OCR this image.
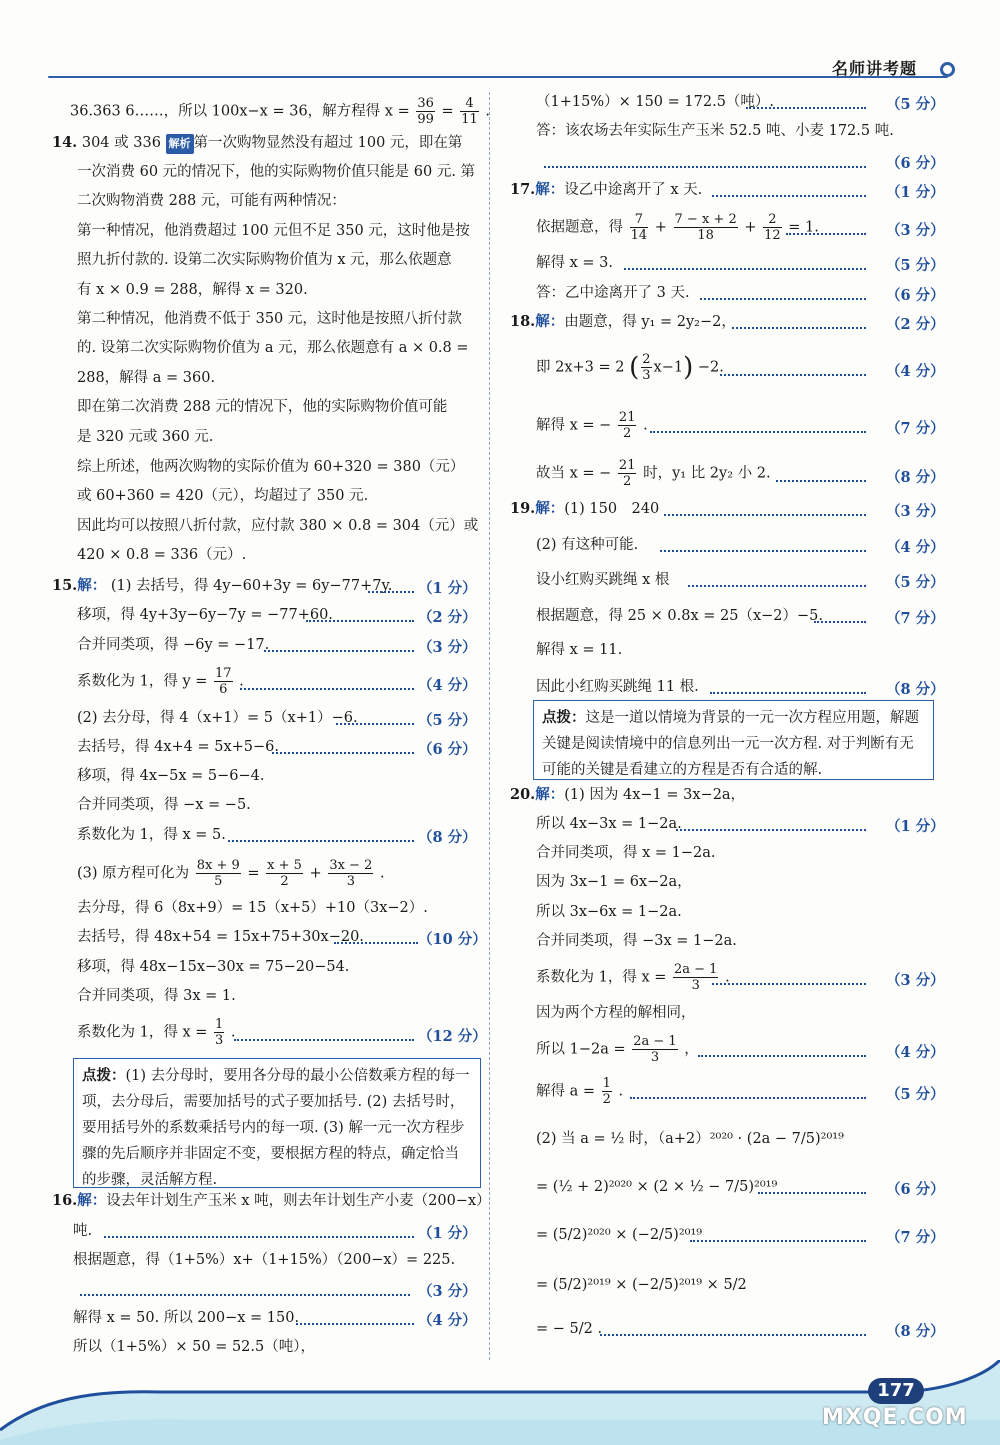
名师讲考题
36.363 6……，所以 100x−x = 36，解方程得 $x = \frac{36}{99} = \frac{4}{11}$ .
14. 304 或 336 解析 第一次购物显然没有超过 100 元，即在第
一次消费 60 元的情况下，他的实际购物价值只能是 60 元. 第
二次购物消费 288 元，可能有两种情况：
第一种情况，他消费超过 100 元但不足 350 元，这时他是按
照九折付款的. 设第二次实际购物价值为 x 元，那么依题意
有 x × 0.9 = 288，解得 x = 320.
第二种情况，他消费不低于 350 元，这时他是按照八折付款
的. 设第二次实际购物价值为 a 元，那么依题意有 a × 0.8 =
288，解得 a = 360.
即在第二次消费 288 元的情况下，他的实际购物价值可能
是 320 元或 360 元.
综上所述，他两次购物的实际价值为 60+320 = 380（元）
或 60+360 = 420（元），均超过了 350 元.
因此均可以按照八折付款，应付款 380 × 0.8 = 304（元）或
420 × 0.8 = 336（元）.
15.解： (1) 去括号，得 4y−60+3y = 6y−77+7y. （1 分）
移项，得 4y+3y−6y−7y = −77+60.	（2 分）
合并同类项，得 −6y = −17.	（3 分）
系数化为 1，得 $y = \frac{17}{6}$ .	（4 分）
(2) 去分母，得 4（x+1）= 5（x+1）−6.	（5 分）
去括号，得 4x+4 = 5x+5−6.	（6 分）
移项，得 4x−5x = 5−6−4.
合并同类项，得 −x = −5.
系数化为 1，得 x = 5.	（8 分）
(3) 原方程可化为 $\frac{8x + 9}{5} = \frac{x + 5}{2} + \frac{3x - 2}{3}$ .
去分母，得 6（8x+9）= 15（x+5）+10（3x−2）.
去括号，得 48x+54 = 15x+75+30x−20.	（10 分）
移项，得 48x−15x−30x = 75−20−54.
合并同类项，得 3x = 1.
系数化为 1，得 $x = \frac{1}{3}$ .	（12 分）
点拨：(1) 去分母时，要用各分母的最小公倍数乘方程的每一项，去分母后，需要加括号的式子要加括号. (2) 去括号时，要用括号外的系数乘括号内的每一项. (3) 解一元一次方程步骤的先后顺序并非固定不变，要根据方程的特点，确定恰当的步骤，灵活解方程.
16.解：设去年计划生产玉米 x 吨，则去年计划生产小麦（200−x）
吨.	（1 分）
根据题意，得（1+5%）x+（1+15%）（200−x）= 225.
（3 分）
解得 x = 50. 所以 200−x = 150.	（4 分）
所以（1+5%）× 50 = 52.5（吨），
（1+15%）× 150 = 172.5（吨）.	（5 分）
答：该农场去年实际生产玉米 52.5 吨、小麦 172.5 吨.
（6 分）
17.解：设乙中途离开了 x 天.	（1 分）
依据题意，得 $\frac{7}{14} + \frac{7 - x + 2}{18} + \frac{2}{12} = 1$.	（3 分）
解得 x = 3.	（5 分）
答：乙中途离开了 3 天.	（6 分）
18.解：由题意，得 y₁ = 2y₂−2，	（2 分）
即 2x+3 = 2 ( $\frac{2}{3} x-1) -2$.	（4 分）
解得 x = − $\frac{21}{2}$ .	（7 分）
故当 x = − $\frac{21}{2}$ 时，y₁ 比 2y₂ 小 2.	（8 分）
19.解：(1) 150　240	（3 分）
(2) 有这种可能.	（4 分）
设小红购买跳绳 x 根	（5 分）
根据题意，得 25 × 0.8x = 25（x−2）−5.	（7 分）
解得 x = 11.
因此小红购买跳绳 11 根.	（8 分）
点拨：这是一道以情境为背景的一元一次方程应用题，解题关键是阅读情境中的信息列出一元一次方程. 对于判断有无可能的关键是看建立的方程是否有合适的解.
20.解：(1) 因为 4x−1 = 3x−2a，
所以 4x−3x = 1−2a.	（1 分）
合并同类项，得 x = 1−2a.
因为 3x−1 = 6x−2a，
所以 3x−6x = 1−2a.
合并同类项，得 −3x = 1−2a.
系数化为 1，得 $x = \frac{2a - 1}{3}$ .	（3 分）
因为两个方程的解相同，
所以 $1-2a = \frac{2a - 1}{3}$ ，	（4 分）
解得 $a = \frac{1}{2}$ .	（5 分）
(2) 当 a = ½ 时，（a+2）²⁰²⁰ · (2a − 7/5)²⁰¹⁹
= (½ + 2)²⁰²⁰ × (2 × ½ − 7/5)²⁰¹⁹	（6 分）
= (5/2)²⁰²⁰ × (−2/5)²⁰¹⁹	（7 分）
= (5/2)²⁰¹⁹ × (−2/5)²⁰¹⁹ × 5/2
= − 5/2 .	（8 分）
177
MXQE.COM
